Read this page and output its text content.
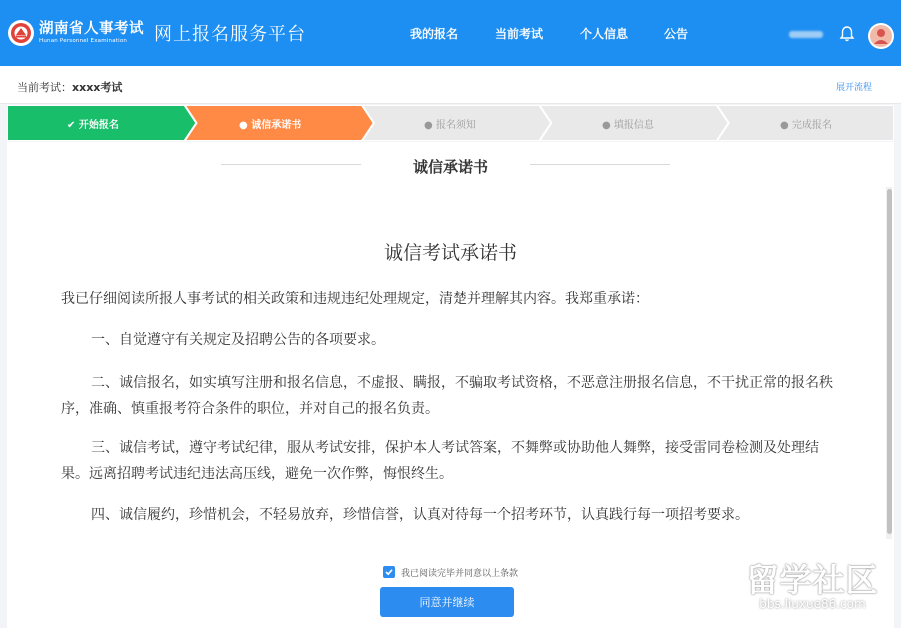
湖南省人事考试
Hunan Personnel Examination	网上报名服务平台	我的报名	当前考试	个人信息	公告
当前考试：xxxx考试	展开流程
✔ 开始报名	● 诚信承诺书	● 报名须知	● 填报信息	● 完成报名
诚信承诺书
诚信考试承诺书
我已仔细阅读所报人事考试的相关政策和违规违纪处理规定，清楚并理解其内容。我郑重承诺：
一、自觉遵守有关规定及招聘公告的各项要求。
二、诚信报名，如实填写注册和报名信息，不虚报、瞒报，不骗取考试资格，不恶意注册报名信息，不干扰正常的报名秩序，准确、慎重报考符合条件的职位，并对自己的报名负责。
三、诚信考试，遵守考试纪律，服从考试安排，保护本人考试答案，不舞弊或协助他人舞弊，接受雷同卷检测及处理结果。远离招聘考试违纪违法高压线，避免一次作弊，悔恨终生。
四、诚信履约，珍惜机会，不轻易放弃，珍惜信誉，认真对待每一个招考环节，认真践行每一项招考要求。
我已阅读完毕并同意以上条款
同意并继续
留学社区
bbs.liuxue86.com
